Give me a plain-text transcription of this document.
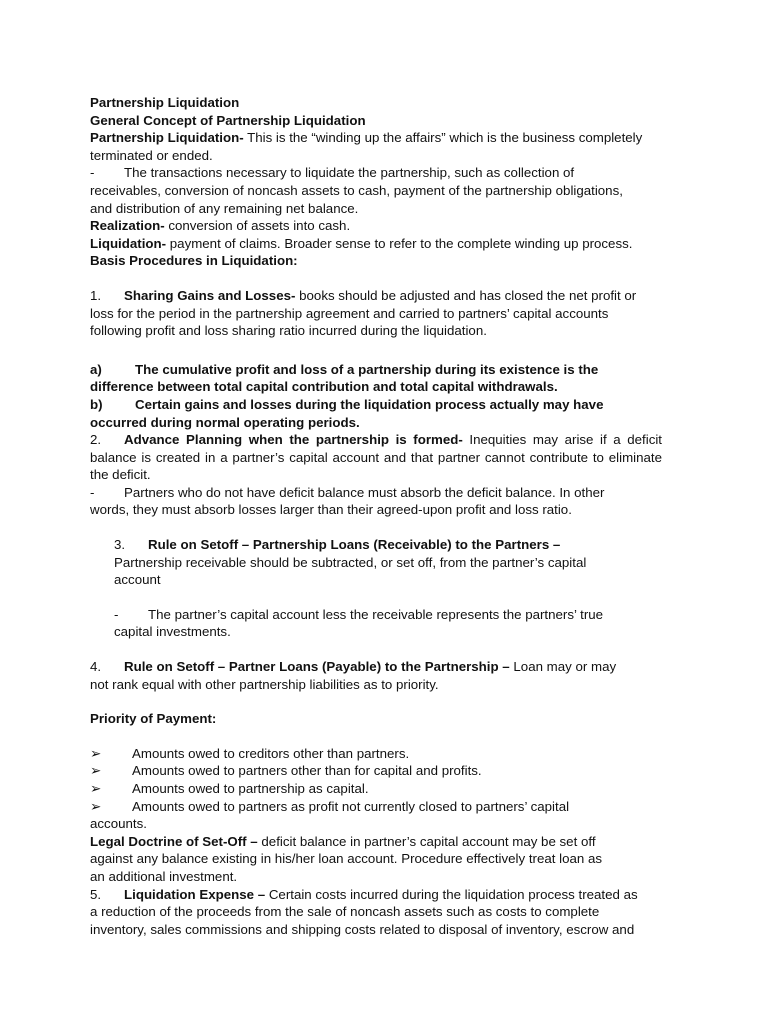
Partnership Liquidation
General Concept of Partnership Liquidation
Partnership Liquidation- This is the “winding up the affairs” which is the business completely
terminated or ended.
- The transactions necessary to liquidate the partnership, such as collection of
receivables, conversion of noncash assets to cash, payment of the partnership obligations,
and distribution of any remaining net balance.
Realization- conversion of assets into cash.
Liquidation- payment of claims. Broader sense to refer to the complete winding up process.
Basis Procedures in Liquidation:
1. Sharing Gains and Losses- books should be adjusted and has closed the net profit or
loss for the period in the partnership agreement and carried to partners’ capital accounts
following profit and loss sharing ratio incurred during the liquidation.
a) The cumulative profit and loss of a partnership during its existence is the
difference between total capital contribution and total capital withdrawals.
b) Certain gains and losses during the liquidation process actually may have
occurred during normal operating periods.
2. Advance Planning when the partnership is formed- Inequities may arise if a deficit balance is created in a partner’s capital account and that partner cannot contribute to eliminate the deficit.
- Partners who do not have deficit balance must absorb the deficit balance. In other
words, they must absorb losses larger than their agreed-upon profit and loss ratio.
3. Rule on Setoff – Partnership Loans (Receivable) to the Partners –
Partnership receivable should be subtracted, or set off, from the partner’s capital
account
- The partner’s capital account less the receivable represents the partners’ true
capital investments.
4. Rule on Setoff – Partner Loans (Payable) to the Partnership – Loan may or may
not rank equal with other partnership liabilities as to priority.
Priority of Payment:
➢ Amounts owed to creditors other than partners.
➢ Amounts owed to partners other than for capital and profits.
➢ Amounts owed to partnership as capital.
➢ Amounts owed to partners as profit not currently closed to partners’ capital
accounts.
Legal Doctrine of Set-Off – deficit balance in partner’s capital account may be set off
against any balance existing in his/her loan account. Procedure effectively treat loan as
an additional investment.
5. Liquidation Expense – Certain costs incurred during the liquidation process treated as
a reduction of the proceeds from the sale of noncash assets such as costs to complete
inventory, sales commissions and shipping costs related to disposal of inventory, escrow and
